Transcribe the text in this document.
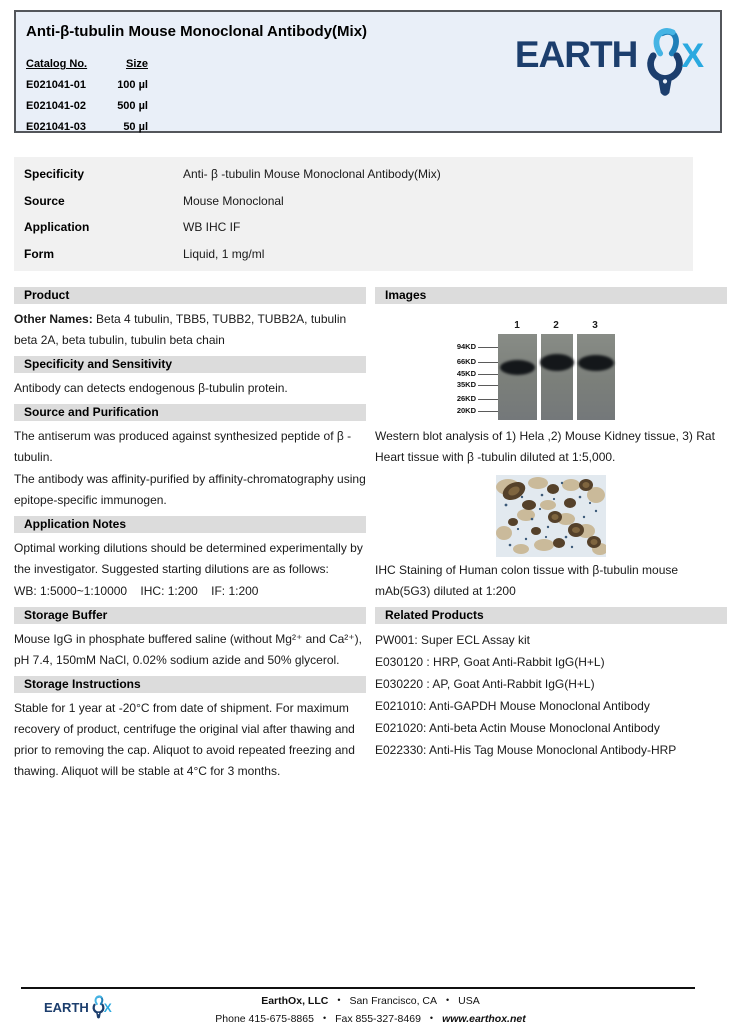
Anti-β-tubulin Mouse Monoclonal Antibody(Mix)
Catalog No.	Size
E021041-01	100 µl
E021041-02	500 µl
E021041-03	50 µl
EARTH X
Specificity	Anti- β -tubulin Mouse Monoclonal Antibody(Mix)
Source	Mouse Monoclonal
Application	WB IHC IF
Form	Liquid, 1 mg/ml
Product

Other Names: Beta 4 tubulin, TBB5, TUBB2, TUBB2A, tubulin beta 2A, beta tubulin, tubulin beta chain

Specificity and Sensitivity

Antibody can detects endogenous β-tubulin protein.

Source and Purification

The antiserum was produced against synthesized peptide of β -tubulin.

The antibody was affinity-purified by affinity-chromatography using epitope-specific immunogen.

Application Notes

Optimal working dilutions should be determined experimentally by the investigator. Suggested starting dilutions are as follows:

WB: 1:5000~1:10000    IHC: 1:200    IF: 1:200

Storage Buffer

Mouse IgG in phosphate buffered saline (without Mg²⁺ and Ca²⁺), pH 7.4, 150mM NaCl, 0.02% sodium azide and 50% glycerol.

Storage Instructions

Stable for 1 year at -20°C from date of shipment. For maximum recovery of product, centrifuge the original vial after thawing and prior to removing the cap. Aliquot to avoid repeated freezing and thawing. Aliquot will be stable at 4°C for 3 months.

Images
1	2	3
94KD
66KD
45KD
35KD
26KD
20KD

Western blot analysis of 1) Hela ,2) Mouse Kidney tissue, 3) Rat Heart tissue with β -tubulin diluted at 1:5,000.

IHC Staining of Human colon tissue with β-tubulin mouse mAb(5G3) diluted at 1:200

Related Products
PW001: Super ECL Assay kit
E030120 : HRP, Goat Anti-Rabbit IgG(H+L)
E030220 : AP, Goat Anti-Rabbit IgG(H+L)
E021010: Anti-GAPDH Mouse Monoclonal Antibody
E021020: Anti-beta Actin Mouse Monoclonal Antibody
E022330: Anti-His Tag Mouse Monoclonal Antibody-HRP
EARTH X	EarthOx, LLC • San Francisco, CA • USA
Phone 415-675-8865 • Fax 855-327-8469 • www.earthox.net
